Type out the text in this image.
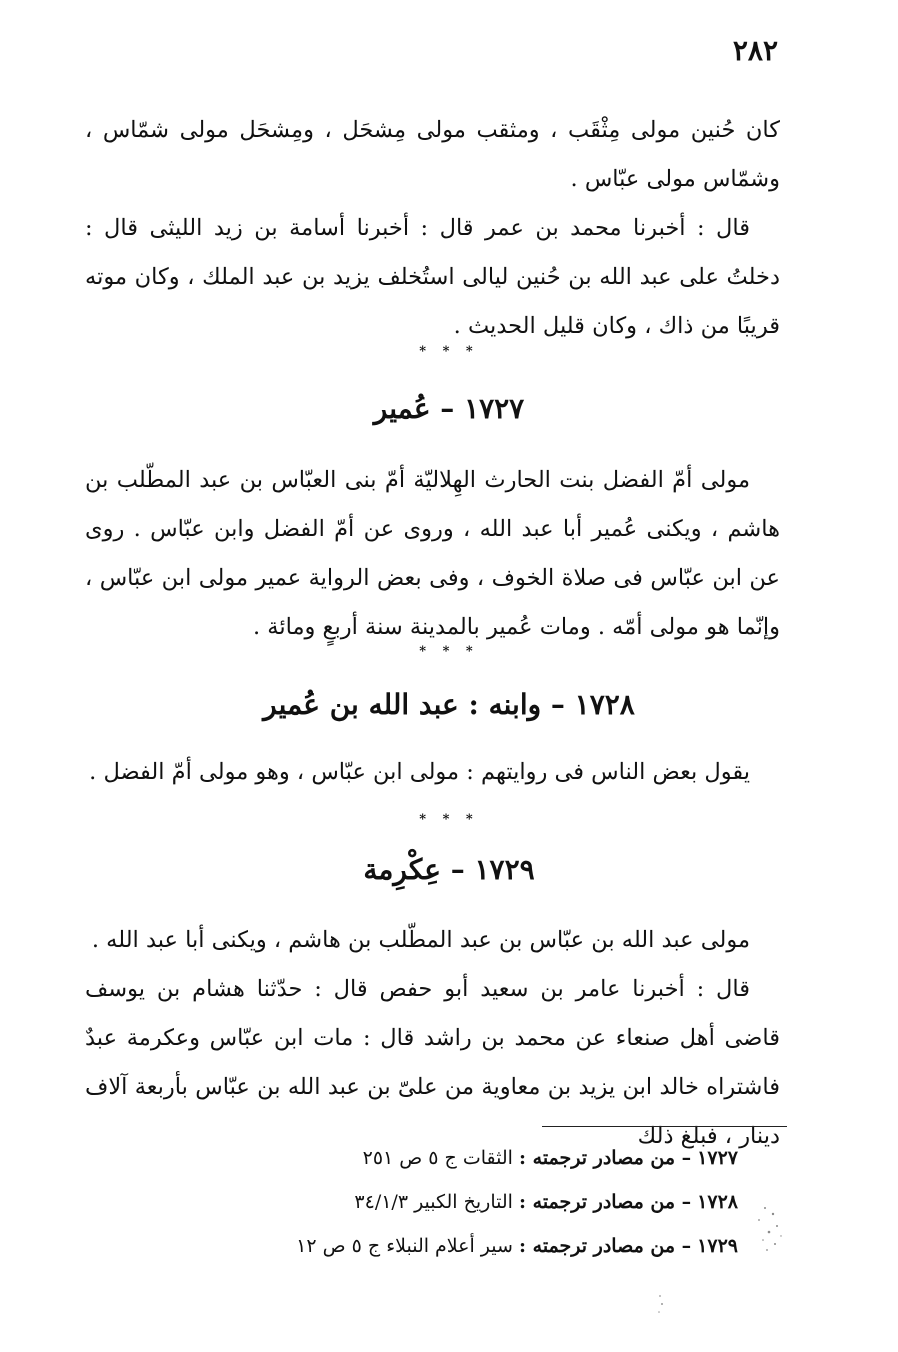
٢٨٢

كان حُنين مولى مِثْقَب ، ومثقب مولى مِشحَل ، ومِشحَل مولى شمّاس ، وشمّاس مولى عبّاس .

قال : أخبرنا محمد بن عمر قال : أخبرنا أسامة بن زيد الليثى قال : دخلتُ على عبد الله بن حُنين ليالى استُخلف يزيد بن عبد الملك ، وكان موته قريبًا من ذاك ، وكان قليل الحديث .

* * *
١٧٢٧ – عُمير

مولى أمّ الفضل بنت الحارث الهِلاليّة أمّ بنى العبّاس بن عبد المطّلب بن هاشم ، ويكنى عُمير أبا عبد الله ، وروى عن أمّ الفضل وابن عبّاس . روى عن ابن عبّاس فى صلاة الخوف ، وفى بعض الرواية عمير مولى ابن عبّاس ، وإنّما هو مولى أمّه . ومات عُمير بالمدينة سنة أربعٍ ومائة .

* * *
١٧٢٨ – وابنه : عبد الله بن عُمير

يقول بعض الناس فى روايتهم : مولى ابن عبّاس ، وهو مولى أمّ الفضل .

* * *
١٧٢٩ – عِكْرِمة

مولى عبد الله بن عبّاس بن عبد المطّلب بن هاشم ، ويكنى أبا عبد الله .

قال : أخبرنا عامر بن سعيد أبو حفص قال : حدّثنا هشام بن يوسف قاضى أهل صنعاء عن محمد بن راشد قال : مات ابن عبّاس وعكرمة عبدٌ فاشتراه خالد ابن يزيد بن معاوية من علىّ بن عبد الله بن عبّاس بأربعة آلاف دينار ، فبلغ ذلك

١٧٢٧ – من مصادر ترجمته : الثقات ج ٥ ص ٢٥١
١٧٢٨ – من مصادر ترجمته : التاريخ الكبير ٣٤/١/٣
١٧٢٩ – من مصادر ترجمته : سير أعلام النبلاء ج ٥ ص ١٢
